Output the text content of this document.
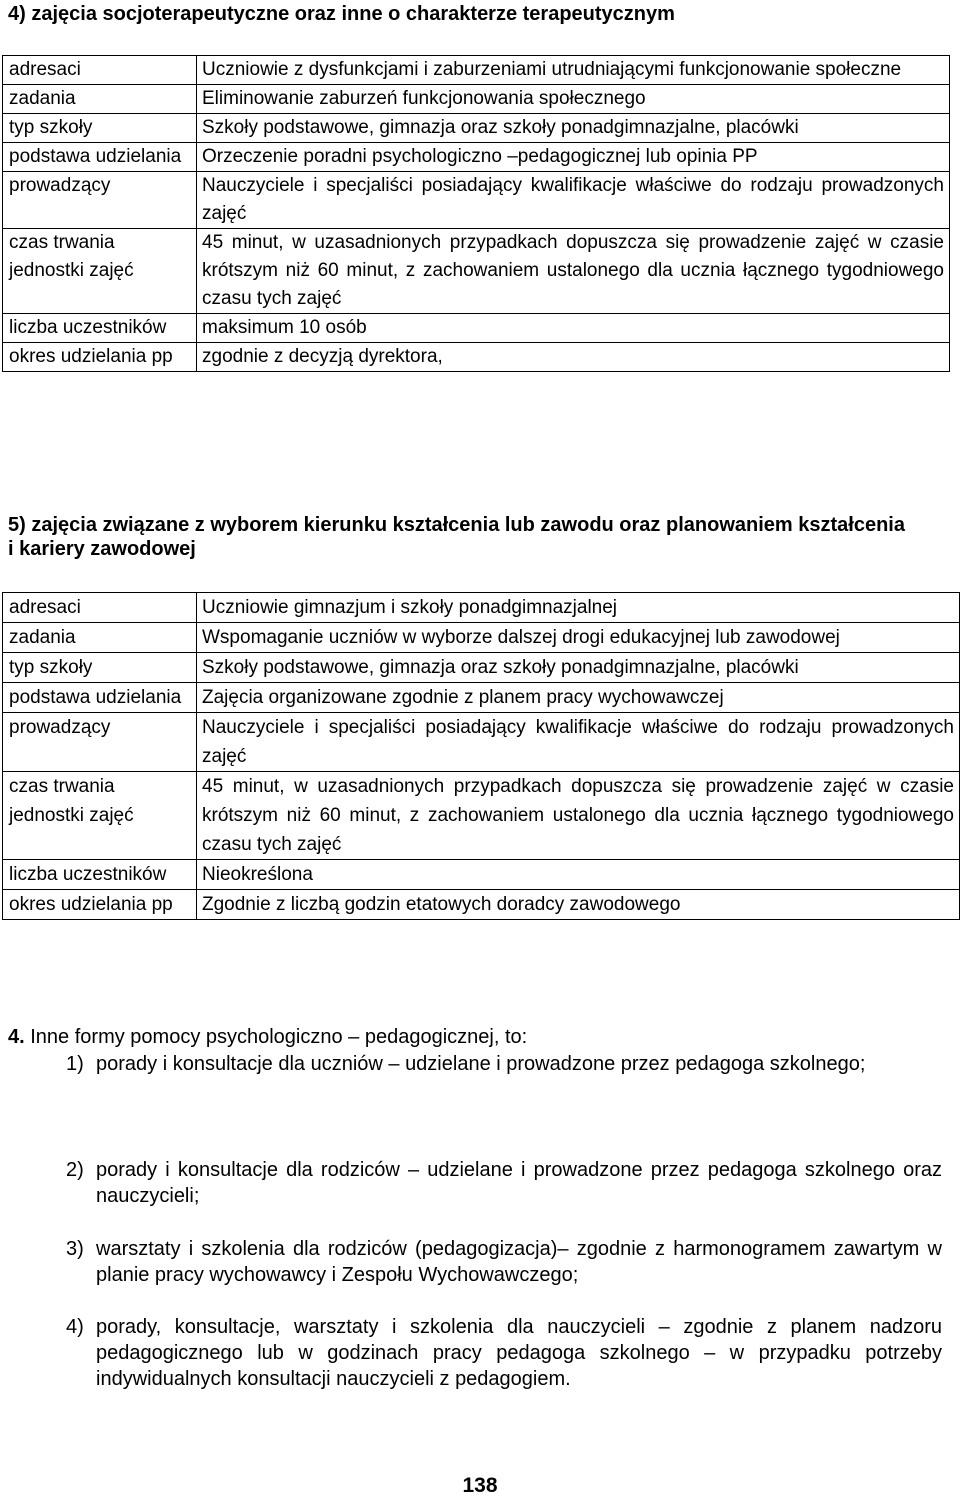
4) zajęcia socjoterapeutyczne oraz inne o charakterze terapeutycznym
adresaci	Uczniowie z dysfunkcjami i zaburzeniami utrudniającymi funkcjonowanie społeczne
zadania	Eliminowanie zaburzeń funkcjonowania społecznego
typ szkoły	Szkoły podstawowe, gimnazja oraz szkoły ponadgimnazjalne, placówki
podstawa udzielania	Orzeczenie poradni psychologiczno –pedagogicznej lub opinia PP
prowadzący	Nauczyciele i specjaliści posiadający kwalifikacje właściwe do rodzaju prowadzonych zajęć
czas trwania jednostki zajęć	45 minut, w uzasadnionych przypadkach dopuszcza się prowadzenie zajęć w czasie krótszym niż 60 minut, z zachowaniem ustalonego dla ucznia łącznego tygodniowego czasu tych zajęć
liczba uczestników	maksimum 10 osób
okres udzielania pp	zgodnie z decyzją dyrektora,
5) zajęcia związane z wyborem kierunku kształcenia lub zawodu oraz planowaniem kształcenia i kariery zawodowej
adresaci	Uczniowie gimnazjum i szkoły ponadgimnazjalnej
zadania	Wspomaganie uczniów w wyborze dalszej drogi edukacyjnej lub zawodowej
typ szkoły	Szkoły podstawowe, gimnazja oraz szkoły ponadgimnazjalne, placówki
podstawa udzielania	Zajęcia organizowane zgodnie z planem pracy wychowawczej
prowadzący	Nauczyciele i specjaliści posiadający kwalifikacje właściwe do rodzaju prowadzonych zajęć
czas trwania jednostki zajęć	45 minut, w uzasadnionych przypadkach dopuszcza się prowadzenie zajęć w czasie krótszym niż 60 minut, z zachowaniem ustalonego dla ucznia łącznego tygodniowego czasu tych zajęć
liczba uczestników	Nieokreślona
okres udzielania pp	Zgodnie z liczbą godzin etatowych doradcy zawodowego
4. Inne formy pomocy psychologiczno – pedagogicznej, to:
1) porady i konsultacje dla uczniów – udzielane i prowadzone przez pedagoga szkolnego;
2) porady i konsultacje dla rodziców – udzielane i prowadzone przez pedagoga szkolnego oraz nauczycieli;
3) warsztaty i szkolenia dla rodziców (pedagogizacja)– zgodnie z harmonogramem zawartym w planie pracy wychowawcy i Zespołu Wychowawczego;
4) porady, konsultacje, warsztaty i szkolenia dla nauczycieli – zgodnie z planem nadzoru pedagogicznego lub w godzinach pracy pedagoga szkolnego – w przypadku potrzeby indywidualnych konsultacji nauczycieli z pedagogiem.
138
